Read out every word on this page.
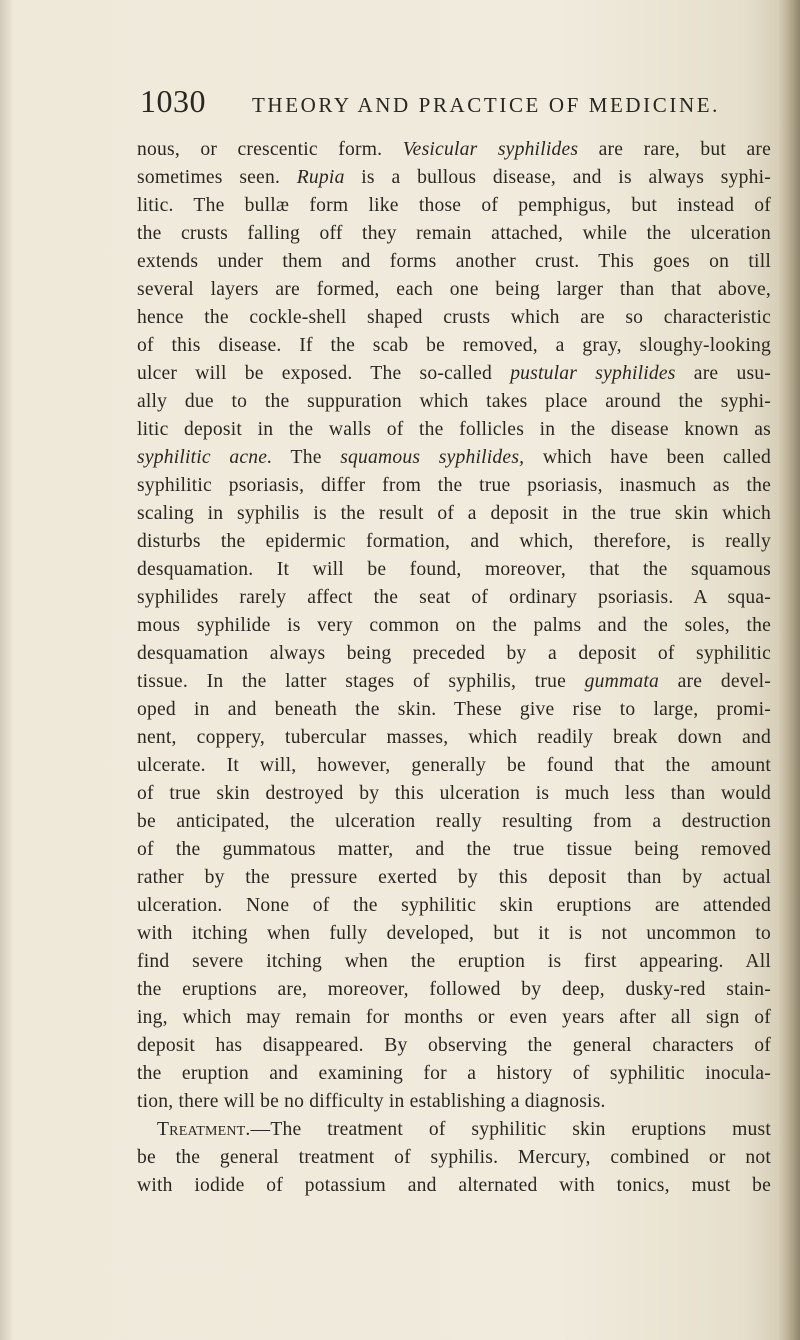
1030 THEORY AND PRACTICE OF MEDICINE.
nous, or crescentic form. Vesicular syphilides are rare, but are
sometimes seen. Rupia is a bullous disease, and is always syphi-
litic. The bullæ form like those of pemphigus, but instead of
the crusts falling off they remain attached, while the ulceration
extends under them and forms another crust. This goes on till
several layers are formed, each one being larger than that above,
hence the cockle-shell shaped crusts which are so characteristic
of this disease. If the scab be removed, a gray, sloughy-looking
ulcer will be exposed. The so-called pustular syphilides are usu-
ally due to the suppuration which takes place around the syphi-
litic deposit in the walls of the follicles in the disease known as
syphilitic acne. The squamous syphilides, which have been called
syphilitic psoriasis, differ from the true psoriasis, inasmuch as the
scaling in syphilis is the result of a deposit in the true skin which
disturbs the epidermic formation, and which, therefore, is really
desquamation. It will be found, moreover, that the squamous
syphilides rarely affect the seat of ordinary psoriasis. A squa-
mous syphilide is very common on the palms and the soles, the
desquamation always being preceded by a deposit of syphilitic
tissue. In the latter stages of syphilis, true gummata are devel-
oped in and beneath the skin. These give rise to large, promi-
nent, coppery, tubercular masses, which readily break down and
ulcerate. It will, however, generally be found that the amount
of true skin destroyed by this ulceration is much less than would
be anticipated, the ulceration really resulting from a destruction
of the gummatous matter, and the true tissue being removed
rather by the pressure exerted by this deposit than by actual
ulceration. None of the syphilitic skin eruptions are attended
with itching when fully developed, but it is not uncommon to
find severe itching when the eruption is first appearing. All
the eruptions are, moreover, followed by deep, dusky-red stain-
ing, which may remain for months or even years after all sign of
deposit has disappeared. By observing the general characters of
the eruption and examining for a history of syphilitic inocula-
tion, there will be no difficulty in establishing a diagnosis.
Treatment.—The treatment of syphilitic skin eruptions must
be the general treatment of syphilis. Mercury, combined or not
with iodide of potassium and alternated with tonics, must be
